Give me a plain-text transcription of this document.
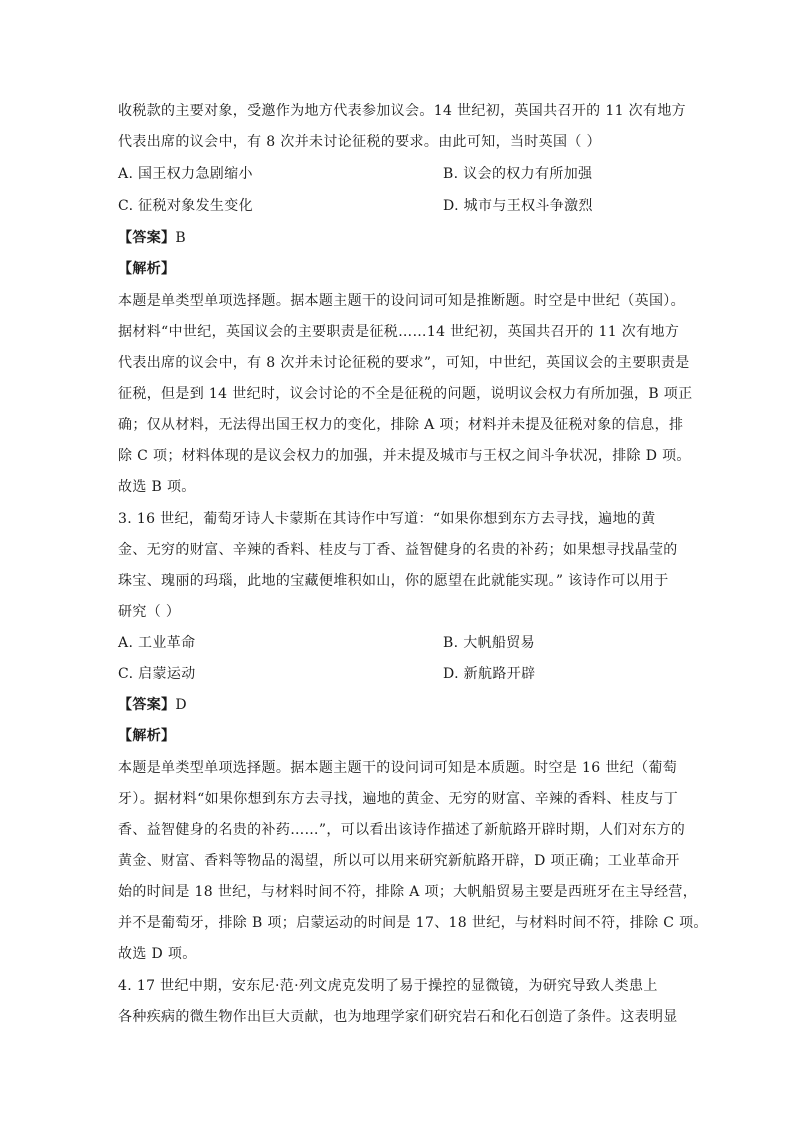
收税款的主要对象，受邀作为地方代表参加议会。14 世纪初，英国共召开的 11 次有地方
代表出席的议会中，有 8 次并未讨论征税的要求。由此可知，当时英国（ ）
A. 国王权力急剧缩小	B. 议会的权力有所加强
C. 征税对象发生变化	D. 城市与王权斗争激烈
【答案】B
【解析】
本题是单类型单项选择题。据本题主题干的设问词可知是推断题。时空是中世纪（英国）。
据材料“中世纪，英国议会的主要职责是征税……14 世纪初，英国共召开的 11 次有地方
代表出席的议会中，有 8 次并未讨论征税的要求”，可知，中世纪，英国议会的主要职责是
征税，但是到 14 世纪时，议会讨论的不全是征税的问题，说明议会权力有所加强，B 项正
确；仅从材料，无法得出国王权力的变化，排除 A 项；材料并未提及征税对象的信息，排
除 C 项；材料体现的是议会权力的加强，并未提及城市与王权之间斗争状况，排除 D 项。
故选 B 项。
3. 16 世纪，葡萄牙诗人卡蒙斯在其诗作中写道：“如果你想到东方去寻找，遍地的黄
金、无穷的财富、辛辣的香料、桂皮与丁香、益智健身的名贵的补药；如果想寻找晶莹的
珠宝、瑰丽的玛瑙，此地的宝藏便堆积如山，你的愿望在此就能实现。” 该诗作可以用于
研究（ ）
A. 工业革命	B. 大帆船贸易
C. 启蒙运动	D. 新航路开辟
【答案】D
【解析】
本题是单类型单项选择题。据本题主题干的设问词可知是本质题。时空是 16 世纪（葡萄
牙）。据材料“如果你想到东方去寻找，遍地的黄金、无穷的财富、辛辣的香料、桂皮与丁
香、益智健身的名贵的补药……”，可以看出该诗作描述了新航路开辟时期，人们对东方的
黄金、财富、香料等物品的渴望，所以可以用来研究新航路开辟，D 项正确；工业革命开
始的时间是 18 世纪，与材料时间不符，排除 A 项；大帆船贸易主要是西班牙在主导经营，
并不是葡萄牙，排除 B 项；启蒙运动的时间是 17、18 世纪，与材料时间不符，排除 C 项。
故选 D 项。
4. 17 世纪中期，安东尼·范·列文虎克发明了易于操控的显微镜，为研究导致人类患上
各种疾病的微生物作出巨大贡献，也为地理学家们研究岩石和化石创造了条件。这表明显
